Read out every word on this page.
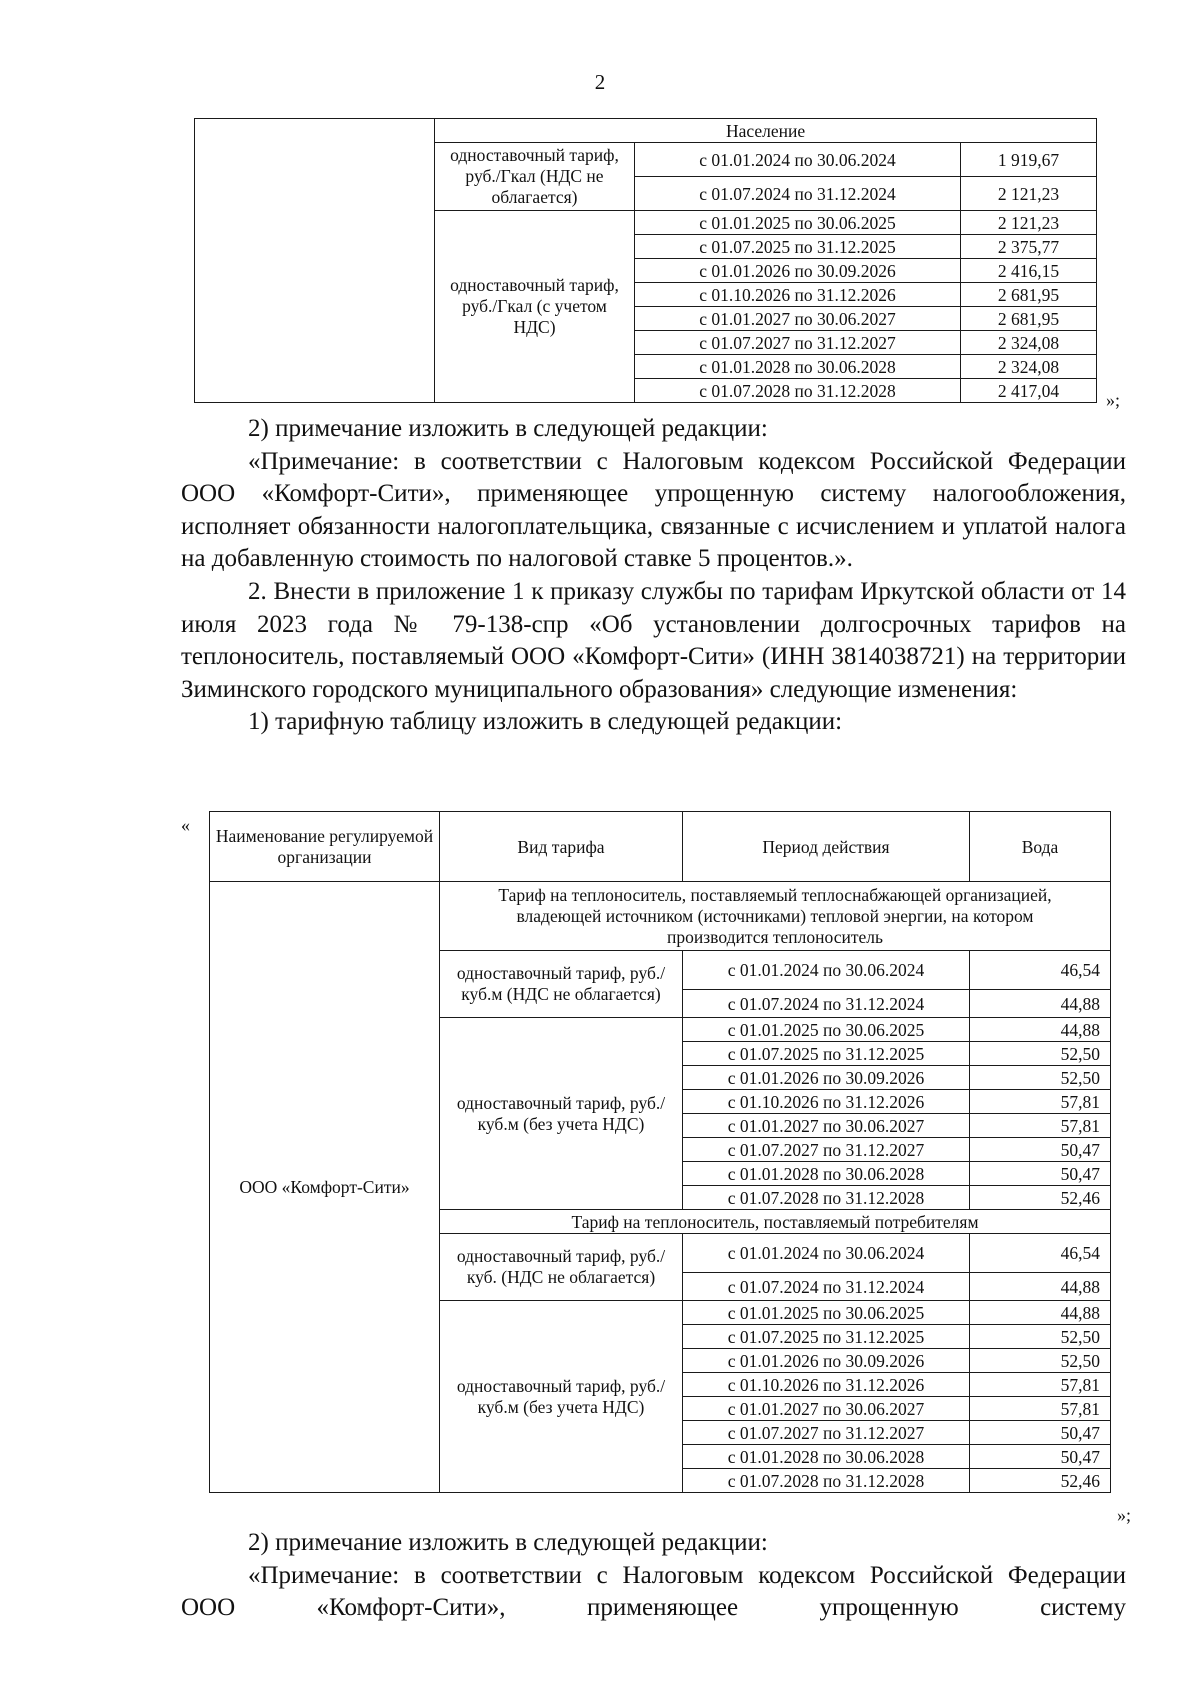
2
	Население		
	одноставочный тариф, руб./Гкал (НДС не облагается)	с 01.01.2024 по 30.06.2024	1 919,67
		с 01.07.2024 по 31.12.2024	2 121,23
	одноставочный тариф, руб./Гкал (с учетом НДС)	с 01.01.2025 по 30.06.2025	2 121,23
		с 01.07.2025 по 31.12.2025	2 375,77
		с 01.01.2026 по 30.09.2026	2 416,15
		с 01.10.2026 по 31.12.2026	2 681,95
		с 01.01.2027 по 30.06.2027	2 681,95
		с 01.07.2027 по 31.12.2027	2 324,08
		с 01.01.2028 по 30.06.2028	2 324,08
		с 01.07.2028 по 31.12.2028	2 417,04	»;

2) примечание изложить в следующей редакции:

«Примечание: в соответствии с Налоговым кодексом Российской Федерации ООО «Комфорт-Сити», применяющее упрощенную систему налогообложения, исполняет обязанности налогоплательщика, связанные с исчислением и уплатой налога на добавленную стоимость по налоговой ставке 5 процентов.».

2. Внести в приложение 1 к приказу службы по тарифам Иркутской области от 14 июля 2023 года № 79-138-спр «Об установлении долгосрочных тарифов на теплоноситель, поставляемый ООО «Комфорт-Сити» (ИНН 3814038721) на территории Зиминского городского муниципального образования» следующие изменения:

1) тарифную таблицу изложить в следующей редакции:

«
Наименование регулируемой организации	Вид тарифа	Период действия	Вода
ООО «Комфорт-Сити»	Тариф на теплоноситель, поставляемый теплоснабжающей организацией, владеющей источником (источниками) тепловой энергии, на котором производится теплоноситель		
	одноставочный тариф, руб./куб.м (НДС не облагается)	с 01.01.2024 по 30.06.2024	46,54
		с 01.07.2024 по 31.12.2024	44,88
	одноставочный тариф, руб./куб.м (без учета НДС)	с 01.01.2025 по 30.06.2025	44,88
		с 01.07.2025 по 31.12.2025	52,50
		с 01.01.2026 по 30.09.2026	52,50
		с 01.10.2026 по 31.12.2026	57,81
		с 01.01.2027 по 30.06.2027	57,81
		с 01.07.2027 по 31.12.2027	50,47
		с 01.01.2028 по 30.06.2028	50,47
		с 01.07.2028 по 31.12.2028	52,46
	Тариф на теплоноситель, поставляемый потребителям		
	одноставочный тариф, руб./куб. (НДС не облагается)	с 01.01.2024 по 30.06.2024	46,54
		с 01.07.2024 по 31.12.2024	44,88
	одноставочный тариф, руб./куб.м (без учета НДС)	с 01.01.2025 по 30.06.2025	44,88
		с 01.07.2025 по 31.12.2025	52,50
		с 01.01.2026 по 30.09.2026	52,50
		с 01.10.2026 по 31.12.2026	57,81
		с 01.01.2027 по 30.06.2027	57,81
		с 01.07.2027 по 31.12.2027	50,47
		с 01.01.2028 по 30.06.2028	50,47
		с 01.07.2028 по 31.12.2028	52,46
»;

2) примечание изложить в следующей редакции:

«Примечание: в соответствии с Налоговым кодексом Российской Федерации ООО «Комфорт-Сити», применяющее упрощенную систему
